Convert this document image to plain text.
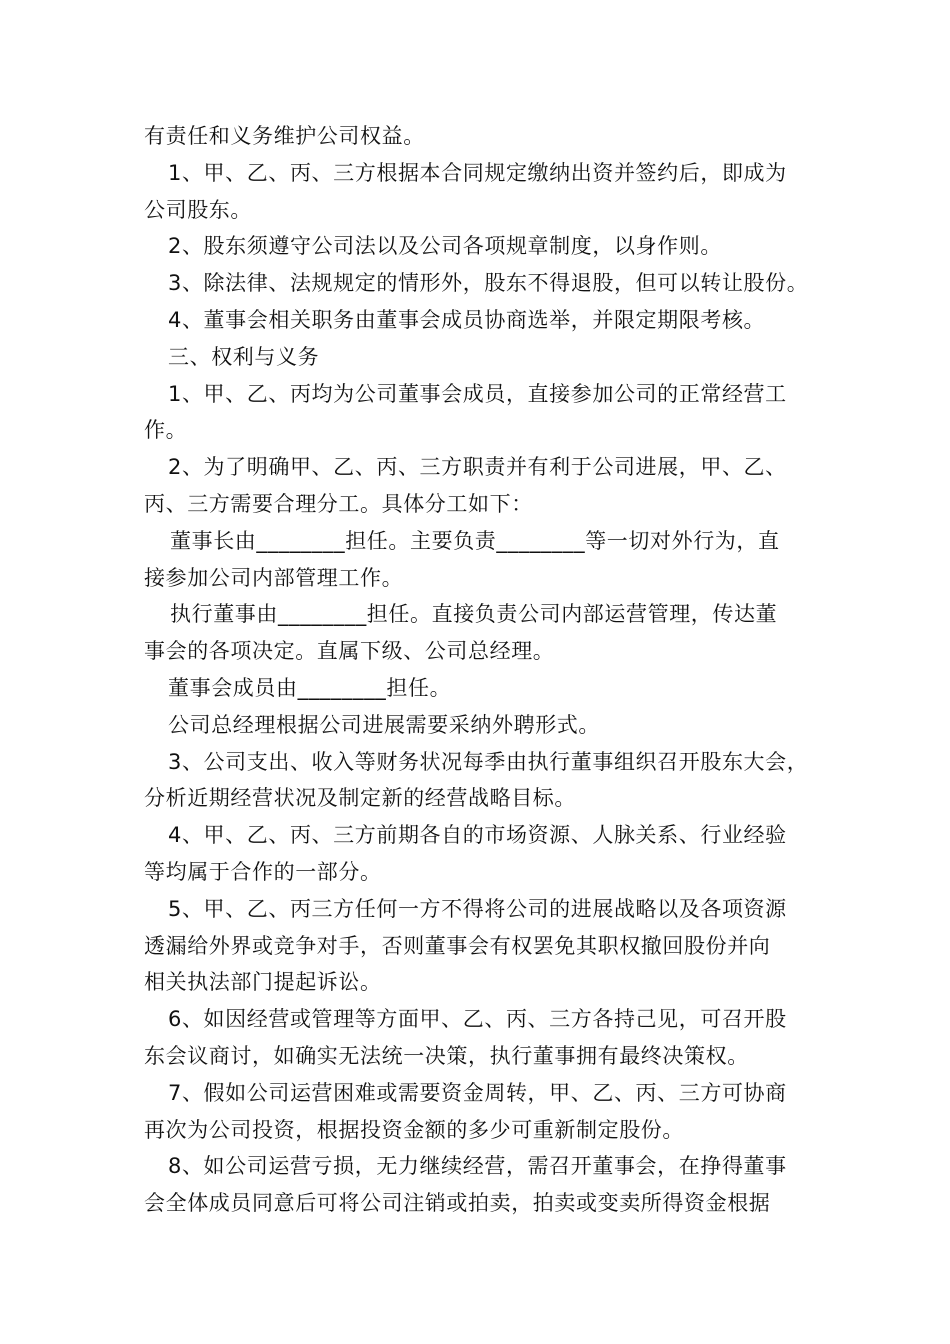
有责任和义务维护公司权益。
1、甲、乙、丙、三方根据本合同规定缴纳出资并签约后，即成为
公司股东。
2、股东须遵守公司法以及公司各项规章制度，以身作则。
3、除法律、法规规定的情形外，股东不得退股，但可以转让股份。
4、董事会相关职务由董事会成员协商选举，并限定期限考核。
三、权利与义务
1、甲、乙、丙均为公司董事会成员，直接参加公司的正常经营工
作。
2、为了明确甲、乙、丙、三方职责并有利于公司进展，甲、乙、
丙、三方需要合理分工。具体分工如下：
董事长由________担任。主要负责________等一切对外行为，直
接参加公司内部管理工作。
执行董事由________担任。直接负责公司内部运营管理，传达董
事会的各项决定。直属下级、公司总经理。
董事会成员由________担任。
公司总经理根据公司进展需要采纳外聘形式。
3、公司支出、收入等财务状况每季由执行董事组织召开股东大会，
分析近期经营状况及制定新的经营战略目标。
4、甲、乙、丙、三方前期各自的市场资源、人脉关系、行业经验
等均属于合作的一部分。
5、甲、乙、丙三方任何一方不得将公司的进展战略以及各项资源
透漏给外界或竞争对手，否则董事会有权罢免其职权撤回股份并向
相关执法部门提起诉讼。
6、如因经营或管理等方面甲、乙、丙、三方各持己见，可召开股
东会议商讨，如确实无法统一决策，执行董事拥有最终决策权。
7、假如公司运营困难或需要资金周转，甲、乙、丙、三方可协商
再次为公司投资，根据投资金额的多少可重新制定股份。
8、如公司运营亏损，无力继续经营，需召开董事会，在挣得董事
会全体成员同意后可将公司注销或拍卖，拍卖或变卖所得资金根据
